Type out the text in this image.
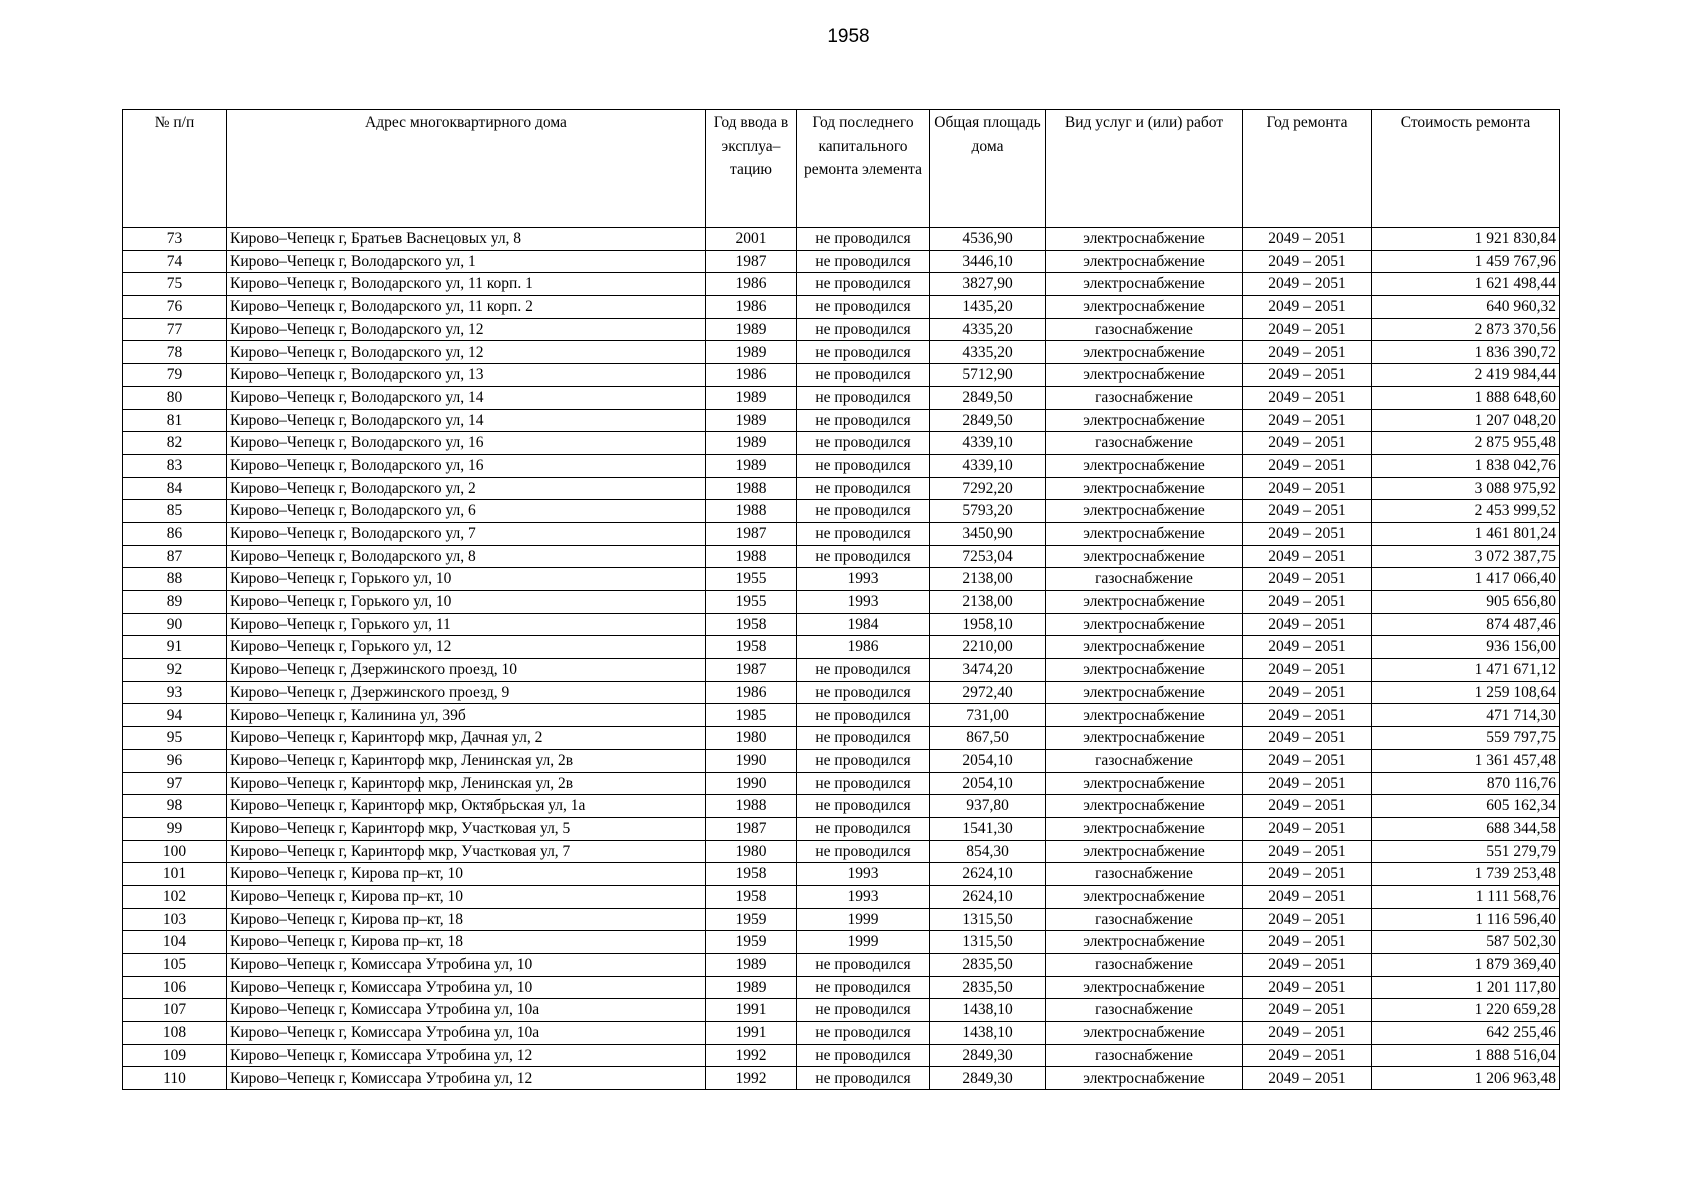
1958
№ п/п	Адрес многоквартирного дома	Год ввода в эксплуа–тацию	Год последнего капитального ремонта элемента	Общая площадь дома	Вид услуг и (или) работ	Год ремонта	Стоимость ремонта
73	Кирово–Чепецк г, Братьев Васнецовых ул, 8	2001	не проводился	4536,90	электроснабжение	2049 – 2051	1 921 830,84
74	Кирово–Чепецк г, Володарского ул, 1	1987	не проводился	3446,10	электроснабжение	2049 – 2051	1 459 767,96
75	Кирово–Чепецк г, Володарского ул, 11 корп. 1	1986	не проводился	3827,90	электроснабжение	2049 – 2051	1 621 498,44
76	Кирово–Чепецк г, Володарского ул, 11 корп. 2	1986	не проводился	1435,20	электроснабжение	2049 – 2051	640 960,32
77	Кирово–Чепецк г, Володарского ул, 12	1989	не проводился	4335,20	газоснабжение	2049 – 2051	2 873 370,56
78	Кирово–Чепецк г, Володарского ул, 12	1989	не проводился	4335,20	электроснабжение	2049 – 2051	1 836 390,72
79	Кирово–Чепецк г, Володарского ул, 13	1986	не проводился	5712,90	электроснабжение	2049 – 2051	2 419 984,44
80	Кирово–Чепецк г, Володарского ул, 14	1989	не проводился	2849,50	газоснабжение	2049 – 2051	1 888 648,60
81	Кирово–Чепецк г, Володарского ул, 14	1989	не проводился	2849,50	электроснабжение	2049 – 2051	1 207 048,20
82	Кирово–Чепецк г, Володарского ул, 16	1989	не проводился	4339,10	газоснабжение	2049 – 2051	2 875 955,48
83	Кирово–Чепецк г, Володарского ул, 16	1989	не проводился	4339,10	электроснабжение	2049 – 2051	1 838 042,76
84	Кирово–Чепецк г, Володарского ул, 2	1988	не проводился	7292,20	электроснабжение	2049 – 2051	3 088 975,92
85	Кирово–Чепецк г, Володарского ул, 6	1988	не проводился	5793,20	электроснабжение	2049 – 2051	2 453 999,52
86	Кирово–Чепецк г, Володарского ул, 7	1987	не проводился	3450,90	электроснабжение	2049 – 2051	1 461 801,24
87	Кирово–Чепецк г, Володарского ул, 8	1988	не проводился	7253,04	электроснабжение	2049 – 2051	3 072 387,75
88	Кирово–Чепецк г, Горького ул, 10	1955	1993	2138,00	газоснабжение	2049 – 2051	1 417 066,40
89	Кирово–Чепецк г, Горького ул, 10	1955	1993	2138,00	электроснабжение	2049 – 2051	905 656,80
90	Кирово–Чепецк г, Горького ул, 11	1958	1984	1958,10	электроснабжение	2049 – 2051	874 487,46
91	Кирово–Чепецк г, Горького ул, 12	1958	1986	2210,00	электроснабжение	2049 – 2051	936 156,00
92	Кирово–Чепецк г, Дзержинского проезд, 10	1987	не проводился	3474,20	электроснабжение	2049 – 2051	1 471 671,12
93	Кирово–Чепецк г, Дзержинского проезд, 9	1986	не проводился	2972,40	электроснабжение	2049 – 2051	1 259 108,64
94	Кирово–Чепецк г, Калинина ул, 39б	1985	не проводился	731,00	электроснабжение	2049 – 2051	471 714,30
95	Кирово–Чепецк г, Каринторф мкр, Дачная ул, 2	1980	не проводился	867,50	электроснабжение	2049 – 2051	559 797,75
96	Кирово–Чепецк г, Каринторф мкр, Ленинская ул, 2в	1990	не проводился	2054,10	газоснабжение	2049 – 2051	1 361 457,48
97	Кирово–Чепецк г, Каринторф мкр, Ленинская ул, 2в	1990	не проводился	2054,10	электроснабжение	2049 – 2051	870 116,76
98	Кирово–Чепецк г, Каринторф мкр, Октябрьская ул, 1а	1988	не проводился	937,80	электроснабжение	2049 – 2051	605 162,34
99	Кирово–Чепецк г, Каринторф мкр, Участковая ул, 5	1987	не проводился	1541,30	электроснабжение	2049 – 2051	688 344,58
100	Кирово–Чепецк г, Каринторф мкр, Участковая ул, 7	1980	не проводился	854,30	электроснабжение	2049 – 2051	551 279,79
101	Кирово–Чепецк г, Кирова пр–кт, 10	1958	1993	2624,10	газоснабжение	2049 – 2051	1 739 253,48
102	Кирово–Чепецк г, Кирова пр–кт, 10	1958	1993	2624,10	электроснабжение	2049 – 2051	1 111 568,76
103	Кирово–Чепецк г, Кирова пр–кт, 18	1959	1999	1315,50	газоснабжение	2049 – 2051	1 116 596,40
104	Кирово–Чепецк г, Кирова пр–кт, 18	1959	1999	1315,50	электроснабжение	2049 – 2051	587 502,30
105	Кирово–Чепецк г, Комиссара Утробина ул, 10	1989	не проводился	2835,50	газоснабжение	2049 – 2051	1 879 369,40
106	Кирово–Чепецк г, Комиссара Утробина ул, 10	1989	не проводился	2835,50	электроснабжение	2049 – 2051	1 201 117,80
107	Кирово–Чепецк г, Комиссара Утробина ул, 10а	1991	не проводился	1438,10	газоснабжение	2049 – 2051	1 220 659,28
108	Кирово–Чепецк г, Комиссара Утробина ул, 10а	1991	не проводился	1438,10	электроснабжение	2049 – 2051	642 255,46
109	Кирово–Чепецк г, Комиссара Утробина ул, 12	1992	не проводился	2849,30	газоснабжение	2049 – 2051	1 888 516,04
110	Кирово–Чепецк г, Комиссара Утробина ул, 12	1992	не проводился	2849,30	электроснабжение	2049 – 2051	1 206 963,48
